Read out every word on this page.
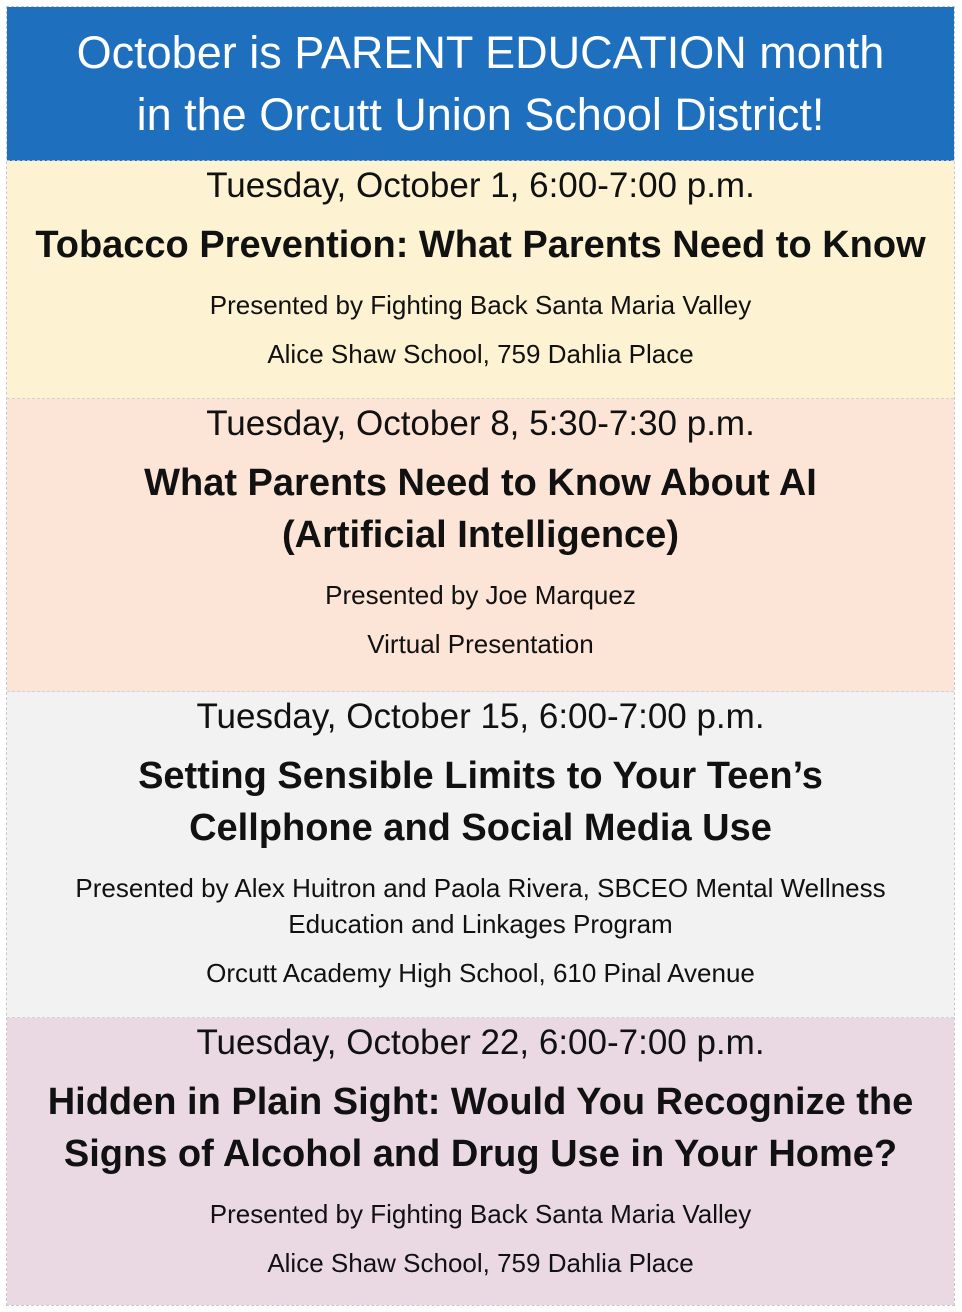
October is PARENT EDUCATION month
in the Orcutt Union School District!
Tuesday, October 1, 6:00-7:00 p.m.
Tobacco Prevention: What Parents Need to Know
Presented by Fighting Back Santa Maria Valley
Alice Shaw School, 759 Dahlia Place
Tuesday, October 8, 5:30-7:30 p.m.
What Parents Need to Know About AI
(Artificial Intelligence)
Presented by Joe Marquez
Virtual Presentation
Tuesday, October 15, 6:00-7:00 p.m.
Setting Sensible Limits to Your Teen’s
Cellphone and Social Media Use
Presented by Alex Huitron and Paola Rivera, SBCEO Mental Wellness
Education and Linkages Program
Orcutt Academy High School, 610 Pinal Avenue
Tuesday, October 22, 6:00-7:00 p.m.
Hidden in Plain Sight: Would You Recognize the
Signs of Alcohol and Drug Use in Your Home?
Presented by Fighting Back Santa Maria Valley
Alice Shaw School, 759 Dahlia Place
